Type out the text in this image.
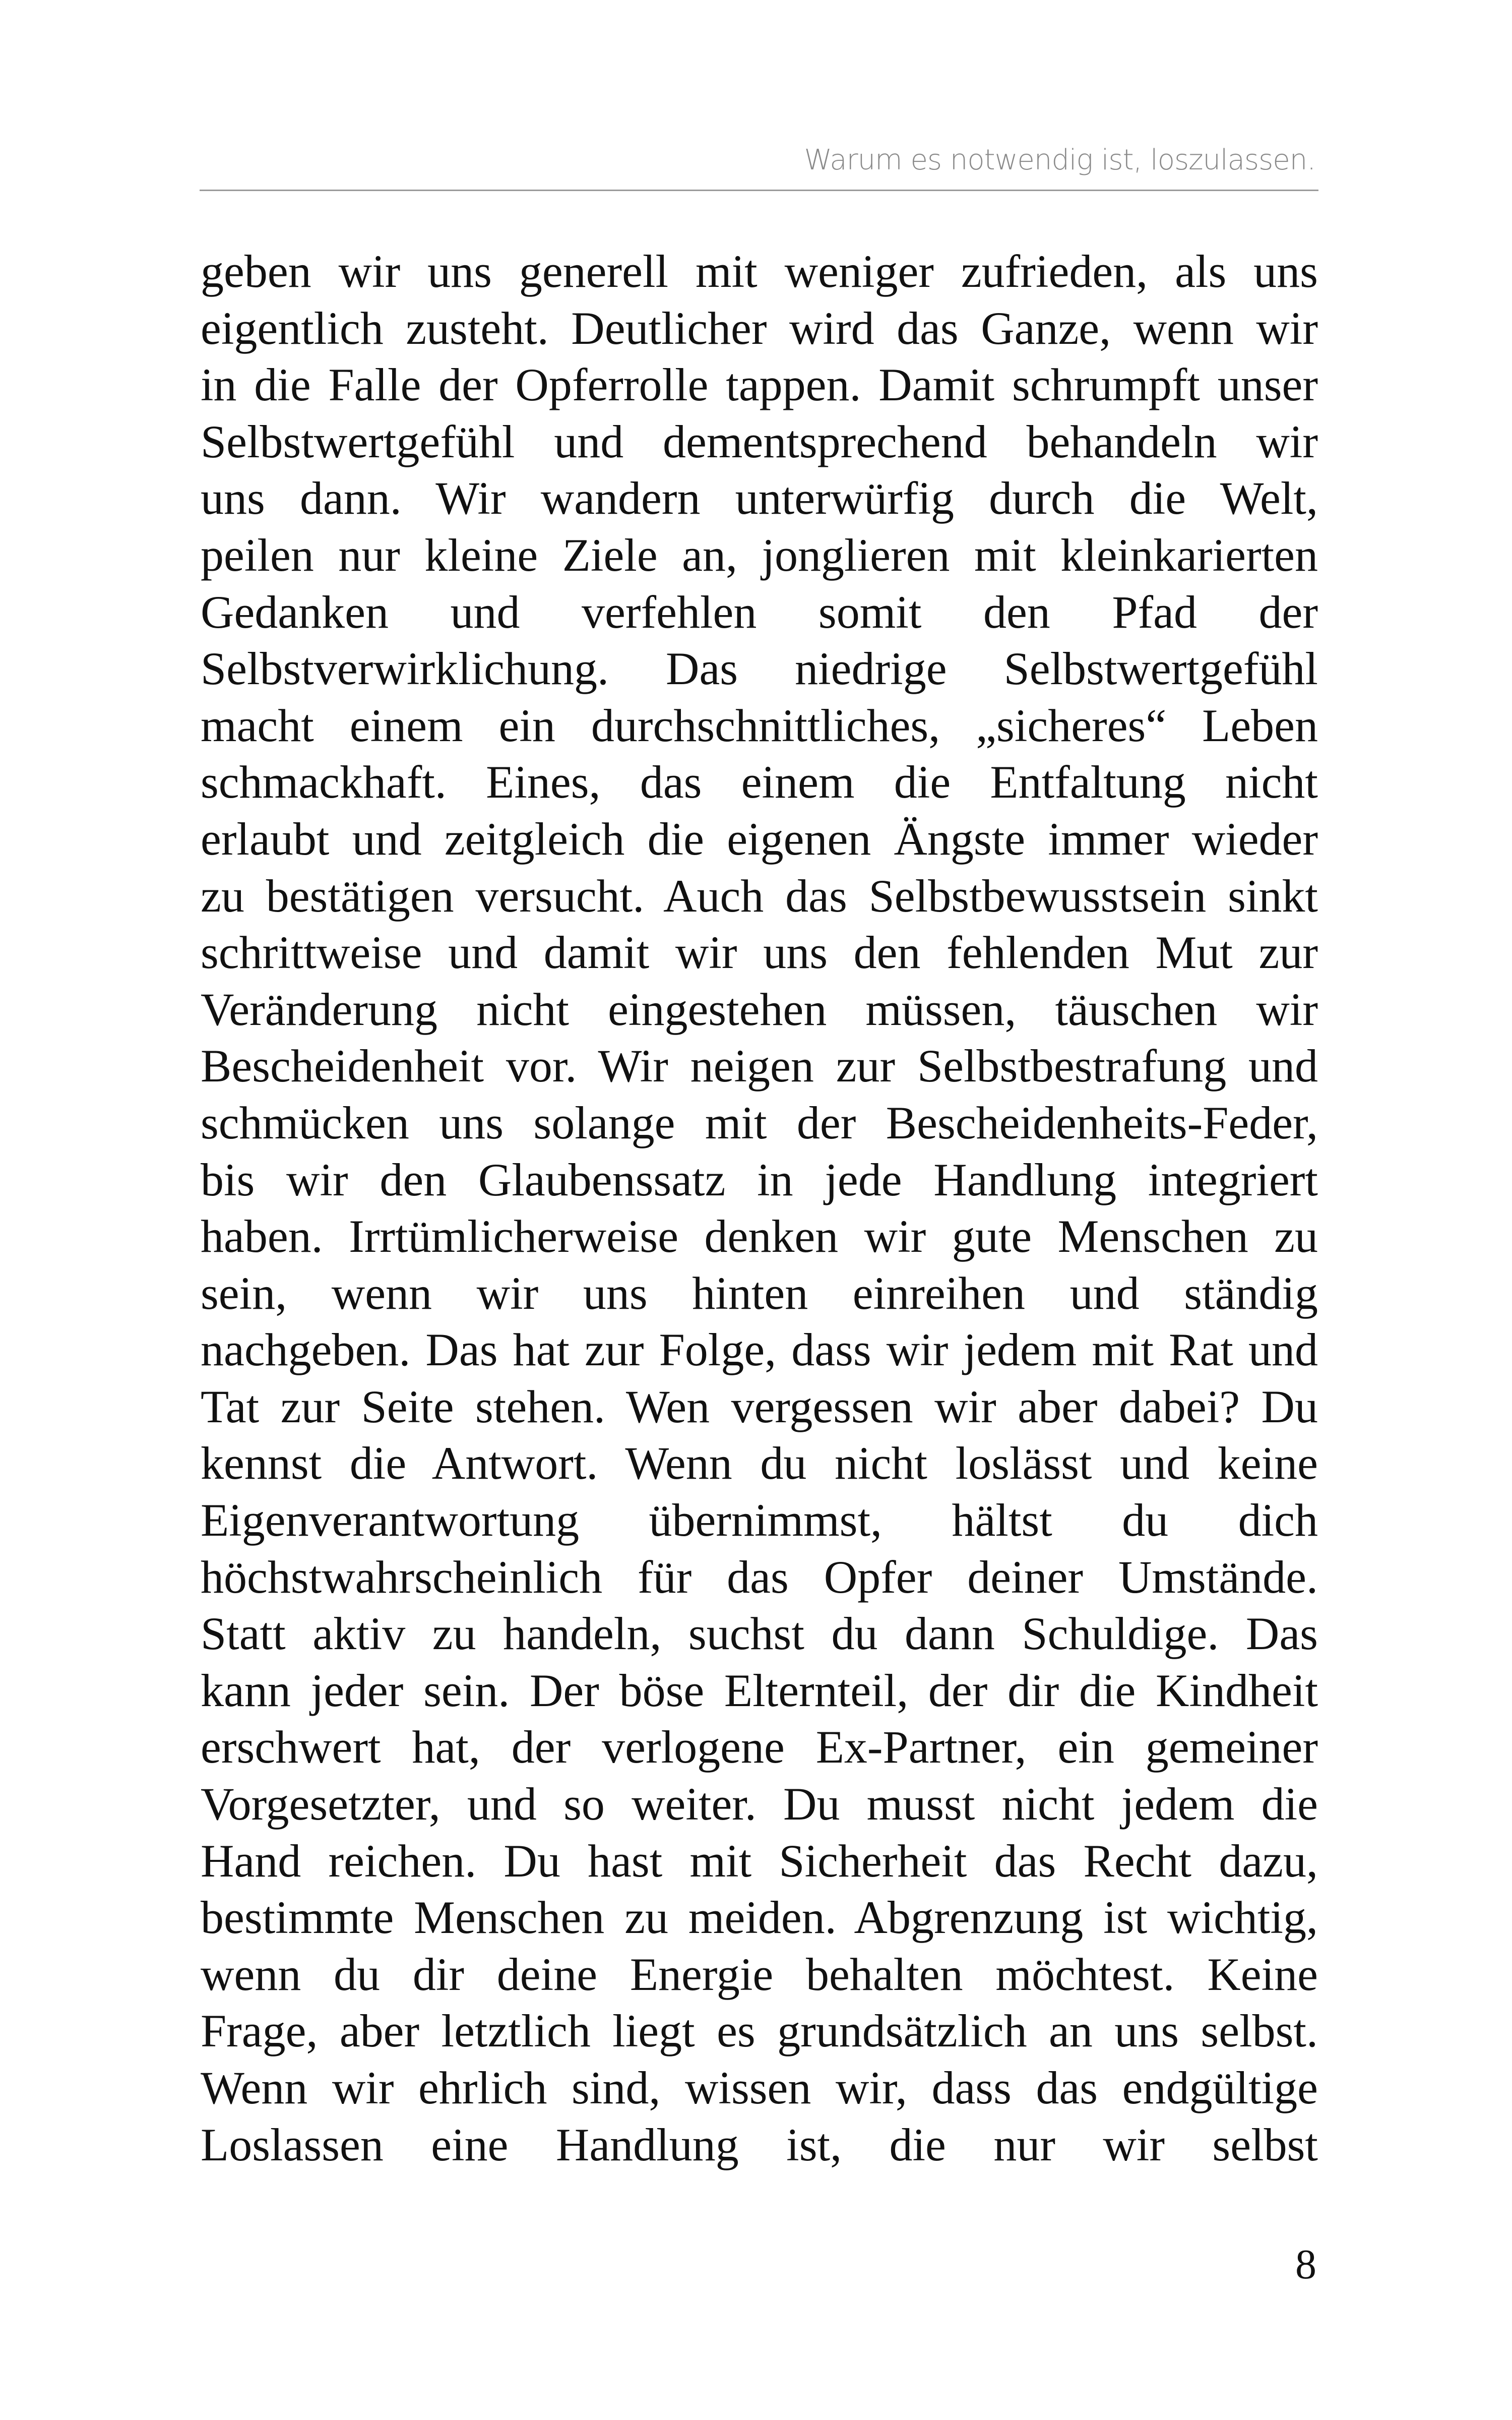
Warum es notwendig ist, loszulassen.
geben wir uns generell mit weniger zufrieden, als uns
eigentlich zusteht. Deutlicher wird das Ganze, wenn wir
in die Falle der Opferrolle tappen. Damit schrumpft unser
Selbstwertgefühl und dementsprechend behandeln wir
uns dann. Wir wandern unterwürfig durch die Welt,
peilen nur kleine Ziele an, jonglieren mit kleinkarierten
Gedanken und verfehlen somit den Pfad der
Selbstverwirklichung. Das niedrige Selbstwertgefühl
macht einem ein durchschnittliches, „sicheres“ Leben
schmackhaft. Eines, das einem die Entfaltung nicht
erlaubt und zeitgleich die eigenen Ängste immer wieder
zu bestätigen versucht. Auch das Selbstbewusstsein sinkt
schrittweise und damit wir uns den fehlenden Mut zur
Veränderung nicht eingestehen müssen, täuschen wir
Bescheidenheit vor. Wir neigen zur Selbstbestrafung und
schmücken uns solange mit der Bescheidenheits-Feder,
bis wir den Glaubenssatz in jede Handlung integriert
haben. Irrtümlicherweise denken wir gute Menschen zu
sein, wenn wir uns hinten einreihen und ständig
nachgeben. Das hat zur Folge, dass wir jedem mit Rat und
Tat zur Seite stehen. Wen vergessen wir aber dabei? Du
kennst die Antwort. Wenn du nicht loslässt und keine
Eigenverantwortung übernimmst, hältst du dich
höchstwahrscheinlich für das Opfer deiner Umstände.
Statt aktiv zu handeln, suchst du dann Schuldige. Das
kann jeder sein. Der böse Elternteil, der dir die Kindheit
erschwert hat, der verlogene Ex-Partner, ein gemeiner
Vorgesetzter, und so weiter. Du musst nicht jedem die
Hand reichen. Du hast mit Sicherheit das Recht dazu,
bestimmte Menschen zu meiden. Abgrenzung ist wichtig,
wenn du dir deine Energie behalten möchtest. Keine
Frage, aber letztlich liegt es grundsätzlich an uns selbst.
Wenn wir ehrlich sind, wissen wir, dass das endgültige
Loslassen eine Handlung ist, die nur wir selbst
8
